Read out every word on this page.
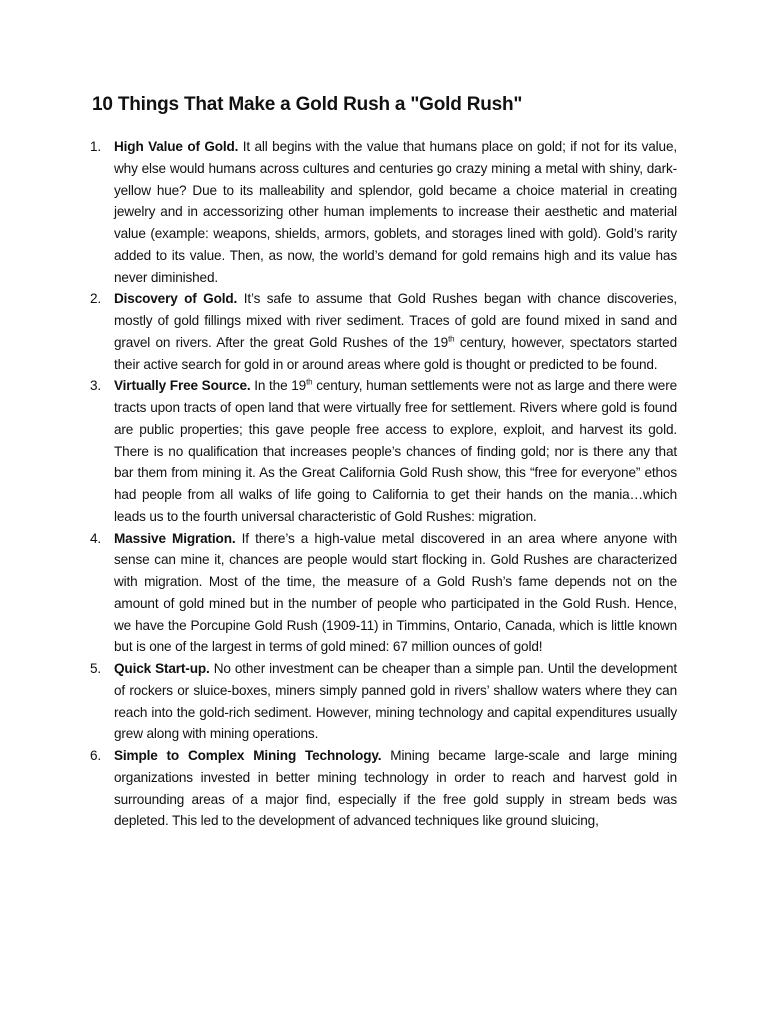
10 Things That Make a Gold Rush a "Gold Rush"
1. High Value of Gold. It all begins with the value that humans place on gold; if not for its value, why else would humans across cultures and centuries go crazy mining a metal with shiny, dark-yellow hue? Due to its malleability and splendor, gold became a choice material in creating jewelry and in accessorizing other human implements to increase their aesthetic and material value (example: weapons, shields, armors, goblets, and storages lined with gold). Gold’s rarity added to its value. Then, as now, the world’s demand for gold remains high and its value has never diminished.
2. Discovery of Gold. It’s safe to assume that Gold Rushes began with chance discoveries, mostly of gold fillings mixed with river sediment. Traces of gold are found mixed in sand and gravel on rivers. After the great Gold Rushes of the 19th century, however, spectators started their active search for gold in or around areas where gold is thought or predicted to be found.
3. Virtually Free Source. In the 19th century, human settlements were not as large and there were tracts upon tracts of open land that were virtually free for settlement. Rivers where gold is found are public properties; this gave people free access to explore, exploit, and harvest its gold. There is no qualification that increases people’s chances of finding gold; nor is there any that bar them from mining it. As the Great California Gold Rush show, this “free for everyone” ethos had people from all walks of life going to California to get their hands on the mania…which leads us to the fourth universal characteristic of Gold Rushes: migration.
4. Massive Migration. If there’s a high-value metal discovered in an area where anyone with sense can mine it, chances are people would start flocking in. Gold Rushes are characterized with migration. Most of the time, the measure of a Gold Rush’s fame depends not on the amount of gold mined but in the number of people who participated in the Gold Rush. Hence, we have the Porcupine Gold Rush (1909-11) in Timmins, Ontario, Canada, which is little known but is one of the largest in terms of gold mined: 67 million ounces of gold!
5. Quick Start-up. No other investment can be cheaper than a simple pan. Until the development of rockers or sluice-boxes, miners simply panned gold in rivers’ shallow waters where they can reach into the gold-rich sediment. However, mining technology and capital expenditures usually grew along with mining operations.
6. Simple to Complex Mining Technology. Mining became large-scale and large mining organizations invested in better mining technology in order to reach and harvest gold in surrounding areas of a major find, especially if the free gold supply in stream beds was depleted. This led to the development of advanced techniques like ground sluicing,
